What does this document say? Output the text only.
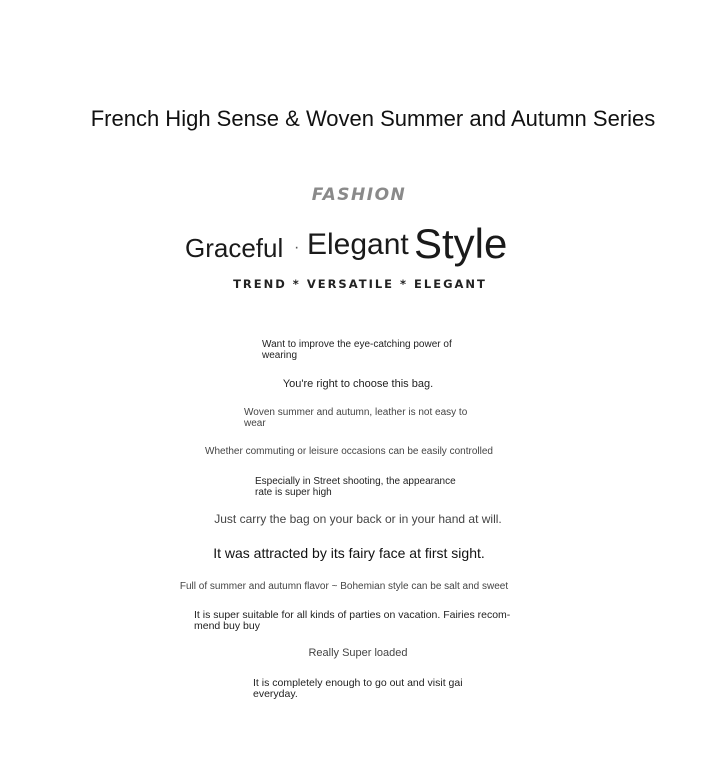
French High Sense & Woven Summer and Autumn Series
FASHION
Graceful · Elegant Style
TREND * VERSATILE * ELEGANT
Want to improve the eye-catching power of wearing
You're right to choose this bag.
Woven summer and autumn, leather is not easy to wear
Whether commuting or leisure occasions can be easily controlled
Especially in Street shooting, the appearance rate is super high
Just carry the bag on your back or in your hand at will.
It was attracted by its fairy face at first sight.
Full of summer and autumn flavor ~ Bohemian style can be salt and sweet
It is super suitable for all kinds of parties on vacation. Fairies recom-mend buy buy
Really Super loaded
It is completely enough to go out and visit gai everyday.
